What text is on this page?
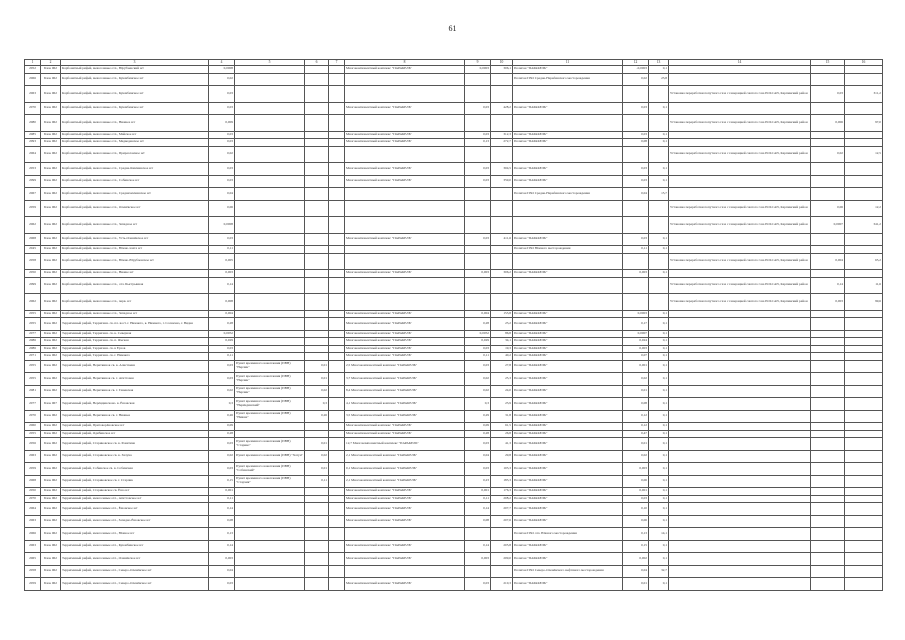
61
1	2	3	4	5	6	7	8	9	10	11	12	13	14	15	16
2052	Блок 062	Карбонатный рифей, межсолевые отл., Юрубченский н/г	0,0008				Многокомпонентный комплекс "ПАРАКЕЛЬ"	0,0003	306,1	Полигон "ПАРАКЕЛЬ"	-0,0003	0,1			
2066	Блок 062	Карбонатный рифей, межсолевые отл., Куюмбинское н/г	0,02							Полигон ПЗО Средне-Нерьбинского месторождения	0,02	23,8			
2063	Блок 062	Карбонатный рифей, межсолевые отл., Куюмбинское н/г	0,03										Установка переработки попутного газа с генерацией сжатого газа POLCAN, Карпинский район	0,03	311,2
2070	Блок 062	Карбонатный рифей, межсолевые отл., Куюмбинское н/г	0,03				Многокомпонентный комплекс "ПАРАКЕЛЬ"	0,03	428,2	Полигон "ПАРАКЕЛЬ"	0,03	0,1			
2080	Блок 062	Карбонатный рифей, межсолевые отл., Нижнее н/г	0,009										Установка переработки попутного газа с генерацией сжатого газа POLCAN, Карпинский район	0,006	97,0
2085	Блок 062	Карбонатный рифей, межсолевые отл., Майское н/г	0,03				Многокомпонентный комплекс "ПАРАКЕЛЬ"	0,03	312,3	Полигон "ПАРАКЕЛЬ"	0,03	0,1			
2093	Блок 062	Карбонатный рифей, межсолевые отл., Медведевское н/г	0,03				Многокомпонентный комплекс "ПАРАКЕЛЬ"	0,13	272,7	Полигон "ПАРАКЕЛЬ"	0,08	0,1			
2064	Блок 062	Карбонатный рифей, межсолевые отл., Приразломное н/г	0,02										Установка переработки попутного газа с генерацией сжатого газа POLCAN, Карпинский район	0,02	12,5
2053	Блок 062	Карбонатный рифей, межсолевые отл., Средне-Кимчинское н/г	0,03				Многокомпонентный комплекс "ПАРАКЕЛЬ"	0,03	304,5	Полигон "ПАРАКЕЛЬ"	0,03	0,1			
2099	Блок 062	Карбонатный рифей, межсолевые отл., Собинское н/г	0,03				Многокомпонентный комплекс "ПАРАКЕЛЬ"	0,03	359,0	Полигон "ПАРАКЕЛЬ"	0,03	0,1			
2067	Блок 062	Карбонатный рифей, межсолевые отл., Среднехемчинское н/г	0,04							Полигон ПЗО Средне-Нерьбинского месторождения	0,04	15,7			
2059	Блок 062	Карбонатный рифей, межсолевые отл., Оленёвское н/г	0,06										Установка переработки попутного газа с генерацией сжатого газа POLCAN, Карпинский район	0,06	12,2
2062	Блок 062	Карбонатный рифей, межсолевые отл., Западное н/г	0,0008										Установка переработки попутного газа с генерацией сжатого газа POLCAN, Карпинский район	0,0007	341,2
2068	Блок 062	Карбонатный рифей, межсолевые отл., Усть-Оленёвское н/г	0,03				Многокомпонентный комплекс "ПАРАКЕЛЬ"	0,03	411,6	Полигон "ПАРАКЕЛЬ"	0,03	0,1			
2045	Блок 062	Карбонатный рифей, межсолевые отл., Южно-хахта н/г	0,11							Полигон ПЗО Южного месторождения	0,11	0,1			
2058	Блок 062	Карбонатный рифей, межсолевые отл., Южно-Юрубченское н/г	0,005										Установка переработки попутного газа с генерацией сжатого газа POLCAN, Карпинский район	0,004	65,2
2050	Блок 062	Карбонатный рифей, межсолевые отл., Нижне н/г	0,003				Многокомпонентный комплекс "ПАРАКЕЛЬ"	0,003	306,2	Полигон "ПАРАКЕЛЬ"	0,003	0,1			
2099	Блок 062	Карбонатный рифей, межсолевые отл., отл. Быстрынная	0,14										Установка переработки попутного газа с генерацией сжатого газа POLCAN, Карпинский район	0,14	11,6
2062	Блок 062	Карбонатный рифей, межсолевые отл., перв. н/г	0,008										Установка переработки попутного газа с генерацией сжатого газа POLCAN, Карпинский район	0,003	99,6
2055	Блок 062	Карбонатный рифей, межсолевые отл., Западное н/г	0,004				Многокомпонентный комплекс "ПАРАКЕЛЬ"	0,004	153,8	Полигон "ПАРАКЕЛЬ"	0,0003	0,1			
2055	Блок 062	Терригенный рифей, Терригенн. св. пл. вост. г. Нижнего, к. Нижнего, г. Солнечно, г. Видна	0,28				Многокомпонентный комплекс "ПАРАКЕЛЬ"	0,28	23,2	Полигон "ПАРАКЕЛЬ"	0,17	0,1			
2077	Блок 062	Терригенный рифей, Терригенн. св. к. Северная	0,0052				Многокомпонентный комплекс "ПАРАКЕЛЬ"	0,0052	86,8	Полигон "ПАРАКЕЛЬ"	0,0007	0,1			
2086	Блок 062	Терригенный рифей, Терригенн. св. п. Ямская	0,029				Многокомпонентный комплекс "ПАРАКЕЛЬ"	0,029	34,1	Полигон "ПАРАКЕЛЬ"	0,024	0,1			
2086	Блок 062	Терригенный рифей, Терригенн. св. в Ерзов	0,03				Многокомпонентный комплекс "ПАРАКЕЛЬ"	0,03	19,3	Полигон "ПАРАКЕЛЬ"	0,003	0,1			
2071	Блок 062	Терригенный рифей, Терригенн. св. г. Нижнего	0,11				Многокомпонентный комплекс "ПАРАКЕЛЬ"	0,11	40,2	Полигон "ПАРАКЕЛЬ"	0,07	0,1			
2055	Блок 062	Терригенный рифей, Нериткинок св. в. Алиственн	0,03	Пункт временного накопления (ПВН) "Нерчик"	0,01		2,5 Многокомпонентный комплекс "ПАРАКЕЛЬ"	0,03	27,8	Полигон "ПАРАКЕЛЬ"	0,001	0,1			
2055	Блок 062	Терригенный рифей, Нериткинок св. г. Агиттовая	0,03	Пункт временного накопления (ПВН) "Нерчик"	0,01		3,7 Многокомпонентный комплекс "ПАРАКЕЛЬ"	0,02	25,3	Полигон "ПАРАКЕЛЬ"	0,02	0,1			
2081	Блок 062	Терригенный рифей, Нериткинок св. г. Ганевская	0,02	Пункт временного накопления (ПВН) "Нерчик"	0,02		8,4 Многокомпонентный комплекс "ПАРАКЕЛЬ"	0,02	24,0	Полигон "ПАРАКЕЛЬ"	0,01	0,1			
2077	Блок 067	Терригенный рифей, Нерёндинсконо. в. Ёшовская	0,3	Пункт временного накопления (ПВН) "Нерёндинский"	0,3		4,1 Многокомпонентный комплекс "ПАРАКЕЛЬ"	0,3	23,9	Полигон "ПАРАКЕЛЬ"	0,08	0,1			
2070	Блок 062	Терригенный рифей, Нериткинок св. г. Нижнее	0,26	Пункт временного накопления (ПВН) "Нижне"	0,26		3,5 Многокомпонентный комплекс "ПАРАКЕЛЬ"	0,29	31,8	Полигон "ПАРАКЕЛЬ"	0,12	0,1			
2060	Блок 062	Терригенный рифей, Приговорёновское н/г	0,09				Многокомпонентный комплекс "ПАРАКЕЛЬ"	0,09	61,5	Полигон "ПАРАКЕЛЬ"	0,12	0,1			
2055	Блок 062	Терригенный рифей, Одибинское н/г	0,28				Многокомпонентный комплекс "ПАРАКЕЛЬ"	0,28	26,8	Полигон "ПАРАКЕЛЬ"	0,47	0,1			
2056	Блок 062	Терригенный рифей, Стариковское св. в. Рокитина	0,03	Пункт временного накопления (ПВН) "Старико"	0,01		12,7 Многокомпонентный комплекс "ПАРАКЕЛЬ"	0,03	41,3	Полигон "ПАРАКЕЛЬ"	0,01	0,1			
2063	Блок 062	Терригенный рифей, Стариковское св. в. Хатуна	0,02	Пункт временного накопления (ПВН) "Хатун"	0,02		2,1 Многокомпонентный комплекс "ПАРАКЕЛЬ"	0,04	29,8	Полигон "ПАРАКЕЛЬ"	0,02	0,1			
2059	Блок 062	Терригенный рифей, Собинское св. в. Собинская	0,03	Пункт временного накопления (ПВН) "Собинский"	0,01		0,1 Многокомпонентный комплекс "ПАРАКЕЛЬ"	0,03	103,3	Полигон "ПАРАКЕЛЬ"	0,003	0,1			
2068	Блок 062	Терригенный рифей, Стариковское св. г. Старчик	0,15	Пункт временного накопления (ПВН) "Старчик"	0,11		2,1 Многокомпонентный комплекс "ПАРАКЕЛЬ"	0,23	183,3	Полигон "ПАРАКЕЛЬ"	0,06	0,1			
2050	Блок 062	Терригенный рифей, Стариковское св. Ёшо н/г	0,001				Многокомпонентный комплекс "ПАРАКЕЛЬ"	0,001	176,3	Полигон "ПАРАКЕЛЬ"	0,001	0,1			
2070	Блок 062	Терригенный рифей, межсолевые отл., Агиттовское н/г	0,11				Многокомпонентный комплекс "ПАРАКЕЛЬ"	0,11	208,2	Полигон "ПАРАКЕЛЬ"	0,03	0,1			
2064	Блок 062	Терригенный рифей, межсолевые отл., Ёшовское н/г	0,14				Многокомпонентный комплекс "ПАРАКЕЛЬ"	0,14	207,7	Полигон "ПАРАКЕЛЬ"	0,10	0,1			
2063	Блок 062	Терригенный рифей, межсолевые отл., Западно-Ёшовское н/г	0,08				Многокомпонентный комплекс "ПАРАКЕЛЬ"	0,08	207,6	Полигон "ПАРАКЕЛЬ"	0,06	0,1			
2066	Блок 062	Терригенный рифей, межсолевые отл., Южное н/г	0,13							Полигон ПЗО отл. Южного месторождения	0,13	14,1			
2063	Блок 062	Терригенный рифей, межсолевые отл., Куюмбинское н/г	0,14				Многокомпонентный комплекс "ПАРАКЕЛЬ"	0,14	205,8	Полигон "ПАРАКЕЛЬ"	0,15	0,1			
2065	Блок 062	Терригенный рифей, межсолевые отл., Оленёвское н/г	0,003				Многокомпонентный комплекс "ПАРАКЕЛЬ"	0,003	209,0	Полигон "ПАРАКЕЛЬ"	0,002	0,1			
2058	Блок 062	Терригенный рифей, межсолевые отл., Северо-Оленёвское н/г	0,04							Полигон ПЗО Северо-Оленёвского нефтяного месторождения	0,04	32,7			
2059	Блок 062	Терригенный рифей, межсолевые отл., Северо-Оленёвское н/г	0,03				Многокомпонентный комплекс "ПАРАКЕЛЬ"	0,03	210,3	Полигон "ПАРАКЕЛЬ"	0,01	0,1			
